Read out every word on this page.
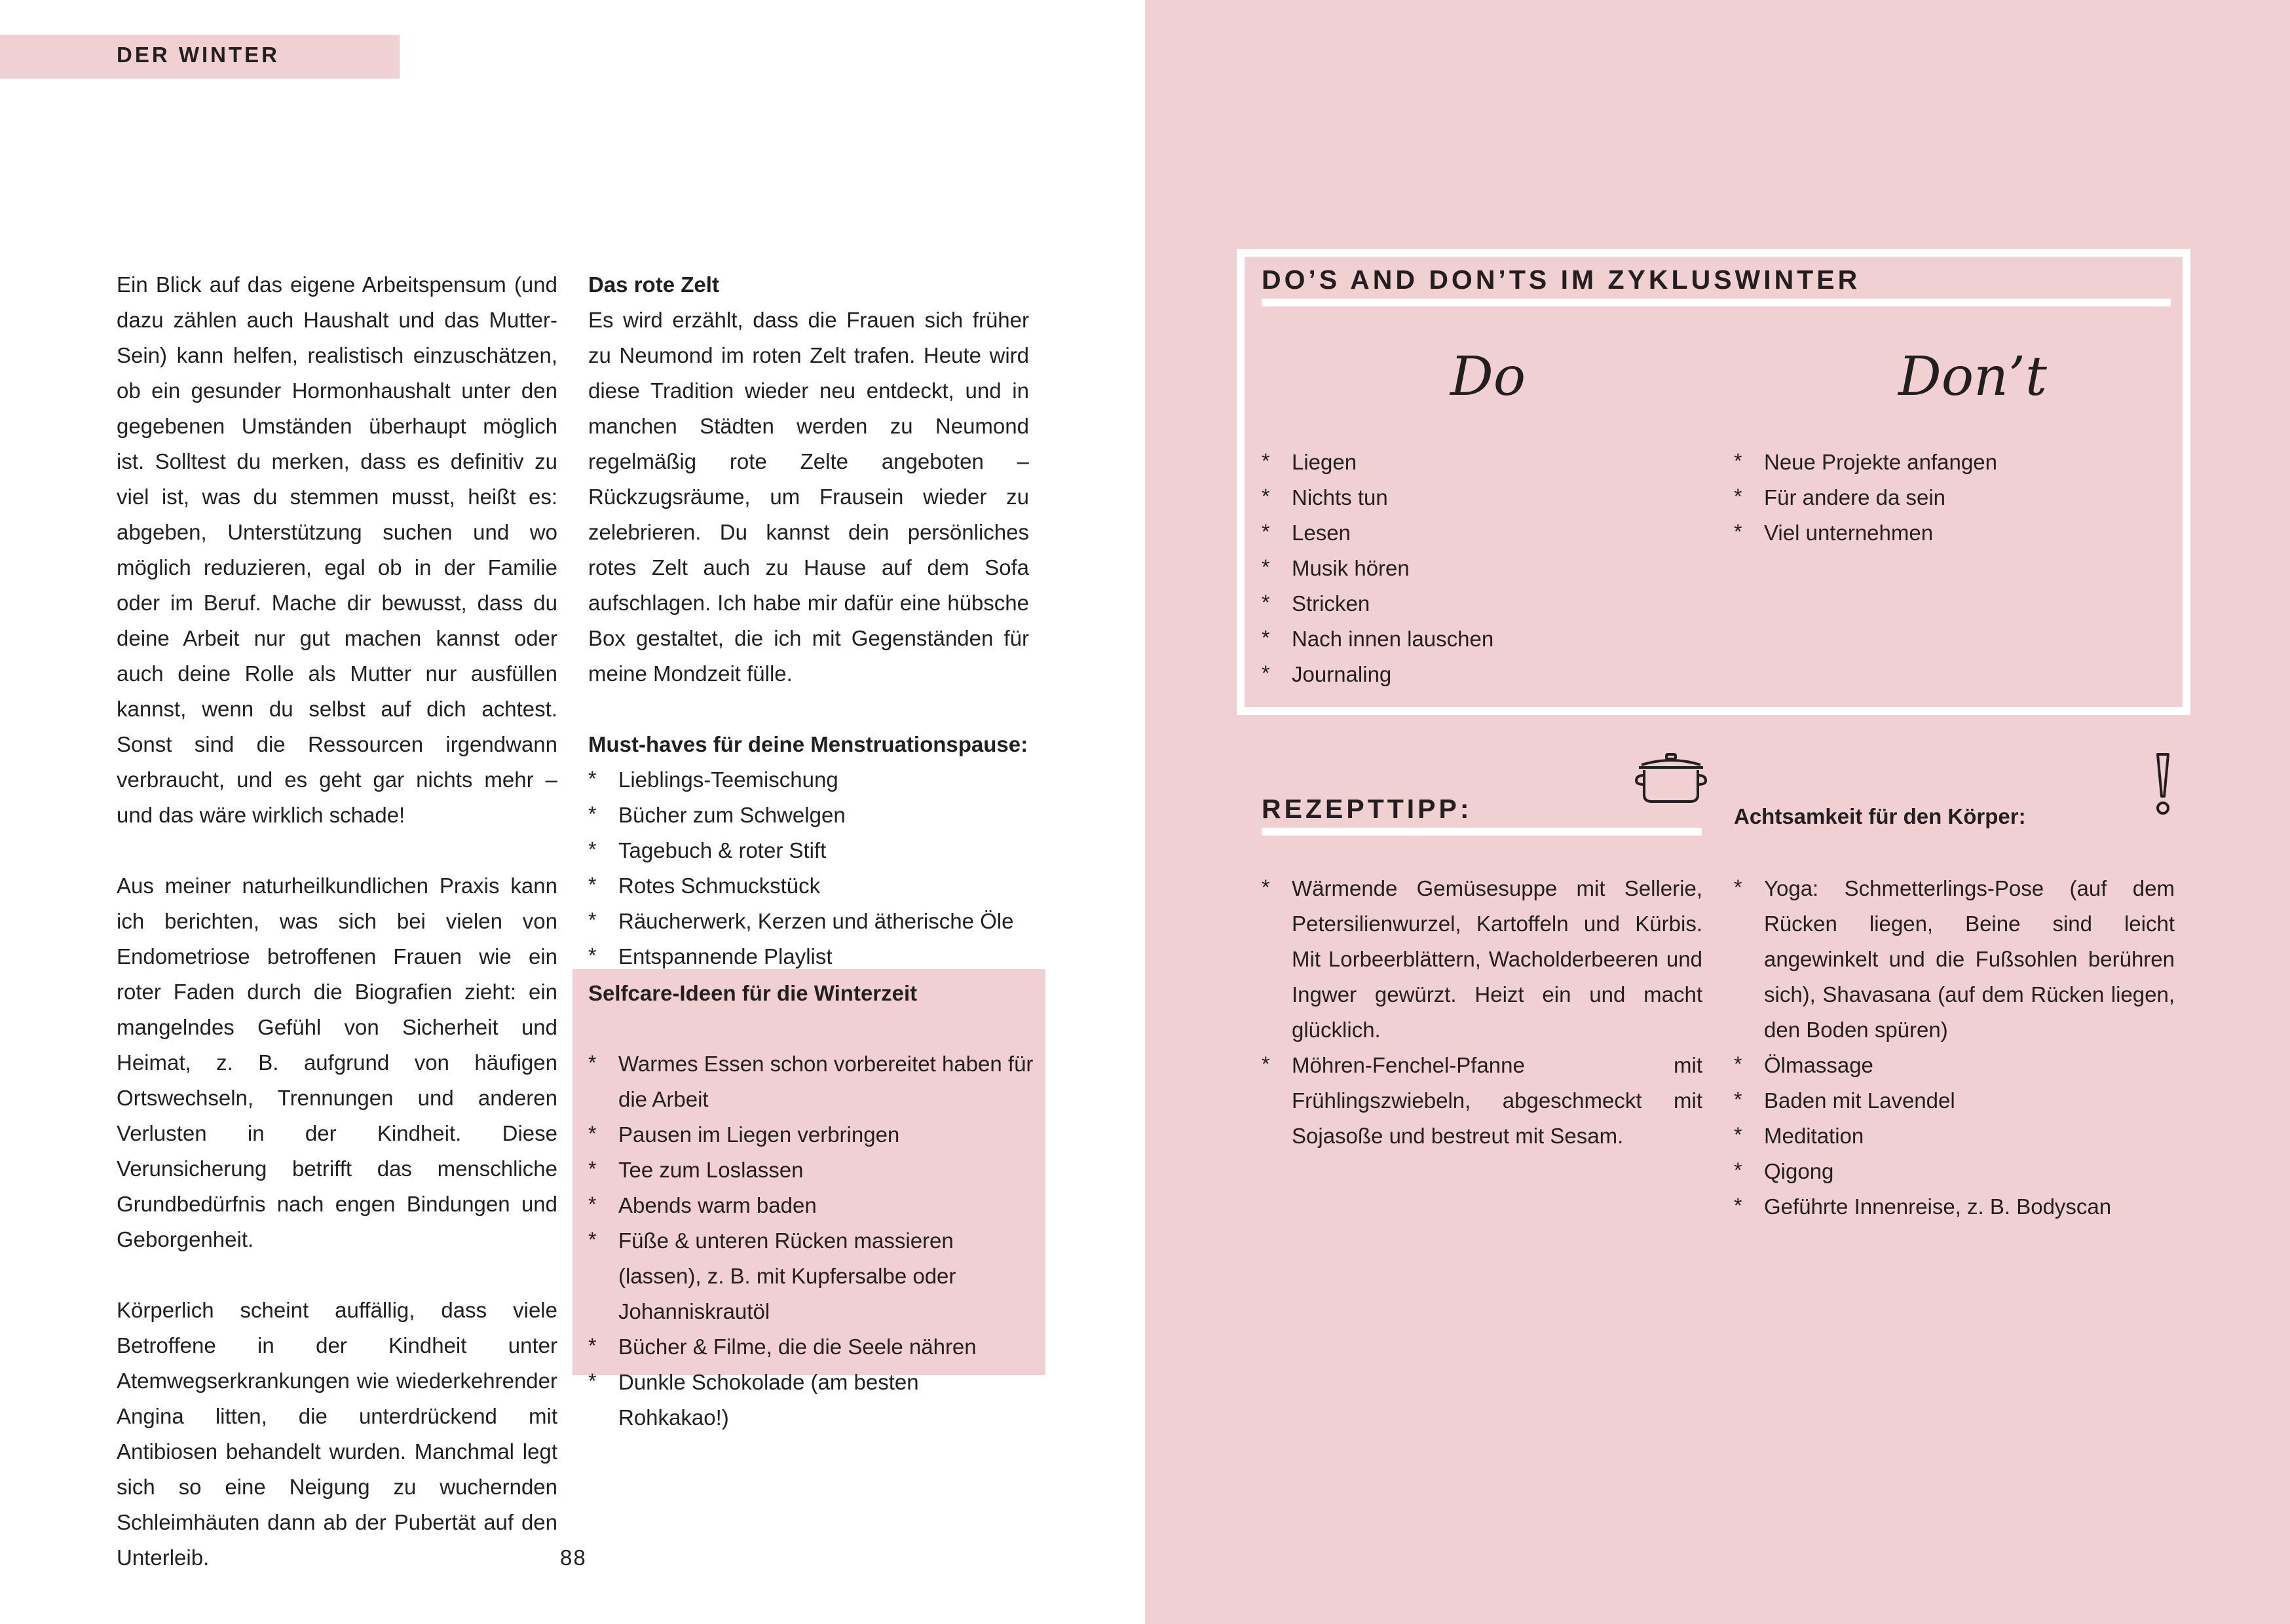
DER WINTER

Ein Blick auf das eigene Arbeitspensum (und dazu zählen auch Haushalt und das Mutter-Sein) kann helfen, realistisch einzuschätzen, ob ein gesunder Hormonhaushalt unter den gegebenen Umständen überhaupt möglich ist. Solltest du merken, dass es definitiv zu viel ist, was du stemmen musst, heißt es: abgeben, Unterstützung suchen und wo möglich reduzieren, egal ob in der Familie oder im Beruf. Mache dir bewusst, dass du deine Arbeit nur gut machen kannst oder auch deine Rolle als Mutter nur ausfüllen kannst, wenn du selbst auf dich achtest. Sonst sind die Ressourcen irgendwann verbraucht, und es geht gar nichts mehr – und das wäre wirklich schade!

Aus meiner naturheilkundlichen Praxis kann ich berichten, was sich bei vielen von Endometriose betroffenen Frauen wie ein roter Faden durch die Biografien zieht: ein mangelndes Gefühl von Sicherheit und Heimat, z. B. aufgrund von häufigen Ortswechseln, Trennungen und anderen Verlusten in der Kindheit. Diese Verunsicherung betrifft das menschliche Grundbedürfnis nach engen Bindungen und Geborgenheit.

Körperlich scheint auffällig, dass viele Betroffene in der Kindheit unter Atemwegserkrankungen wie wiederkehrender Angina litten, die unterdrückend mit Antibiosen behandelt wurden. Manchmal legt sich so eine Neigung zu wuchernden Schleimhäuten dann ab der Pubertät auf den Unterleib.

Das rote Zelt

Es wird erzählt, dass die Frauen sich früher zu Neumond im roten Zelt trafen. Heute wird diese Tradition wieder neu entdeckt, und in manchen Städten werden zu Neumond regelmäßig rote Zelte angeboten – Rückzugsräume, um Frausein wieder zu zelebrieren. Du kannst dein persönliches rotes Zelt auch zu Hause auf dem Sofa aufschlagen. Ich habe mir dafür eine hübsche Box gestaltet, die ich mit Gegenständen für meine Mondzeit fülle.

Must-haves für deine Menstruationspause:
* Lieblings-Teemischung
* Bücher zum Schwelgen
* Tagebuch & roter Stift
* Rotes Schmuckstück
* Räucherwerk, Kerzen und ätherische Öle
* Entspannende Playlist
Selfcare-Ideen für die Winterzeit
* Warmes Essen schon vorbereitet haben für die Arbeit
* Pausen im Liegen verbringen
* Tee zum Loslassen
* Abends warm baden
* Füße & unteren Rücken massieren (lassen), z. B. mit Kupfersalbe oder Johanniskrautöl
* Bücher & Filme, die die Seele nähren
* Dunkle Schokolade (am besten Rohkakao!)
88
DO’S AND DON’TS IM ZYKLUSWINTER
Do	Don’t
* Liegen
* Nichts tun
* Lesen
* Musik hören
* Stricken
* Nach innen lauschen
* Journaling
* Neue Projekte anfangen
* Für andere da sein
* Viel unternehmen
REZEPTTIPP:
* Wärmende Gemüsesuppe mit Sellerie, Petersilienwurzel, Kartoffeln und Kürbis. Mit Lorbeerblättern, Wacholderbeeren und Ingwer gewürzt. Heizt ein und macht glücklich.
* Möhren-Fenchel-Pfanne mit Frühlingszwiebeln, abgeschmeckt mit Sojasoße und bestreut mit Sesam.
Achtsamkeit für den Körper:
* Yoga: Schmetterlings-Pose (auf dem Rücken liegen, Beine sind leicht angewinkelt und die Fußsohlen berühren sich), Shavasana (auf dem Rücken liegen, den Boden spüren)
* Ölmassage
* Baden mit Lavendel
* Meditation
* Qigong
* Geführte Innenreise, z. B. Bodyscan
